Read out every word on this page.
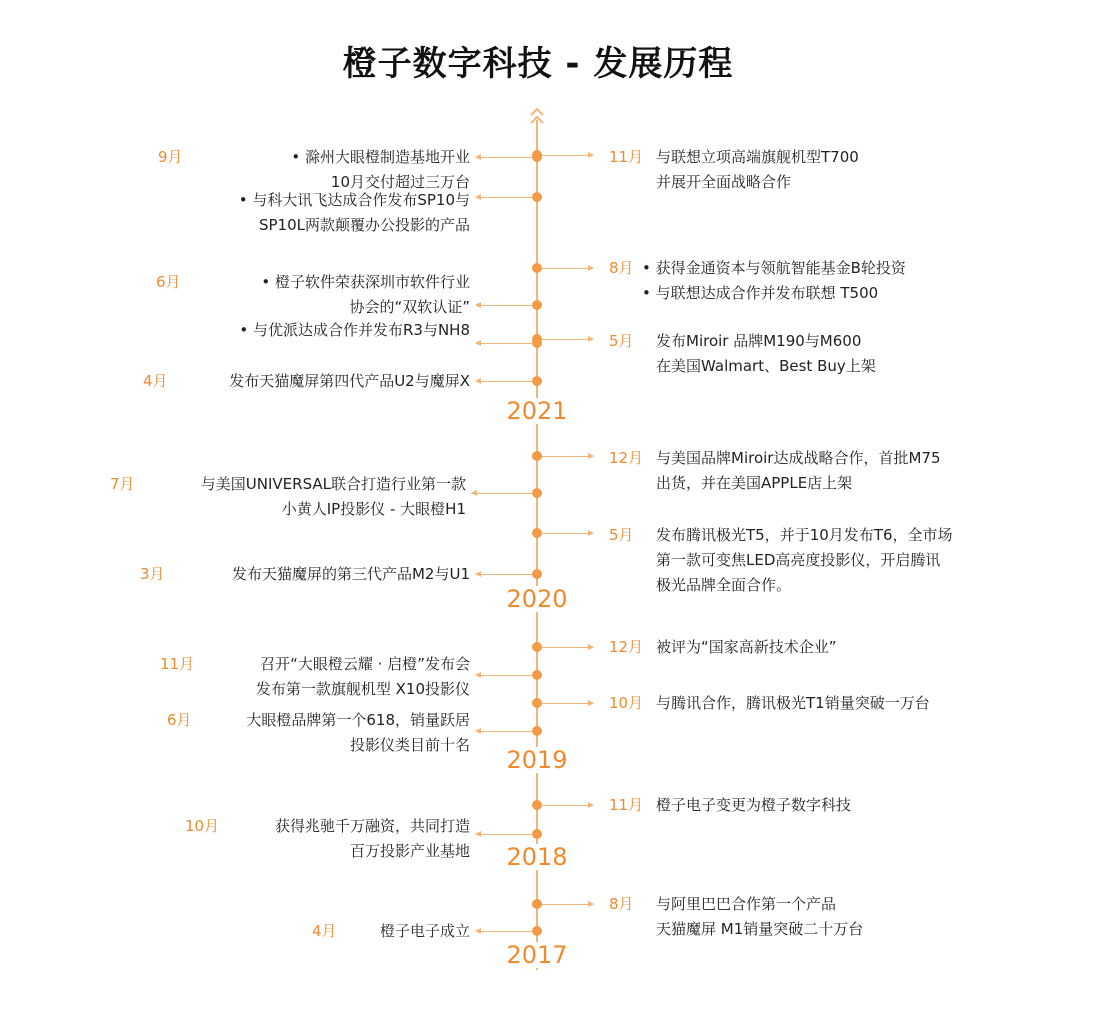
橙子数字科技 - 发展历程
2021
2020
2019
2018
2017
• 滁州大眼橙制造基地开业
10月交付超过三万台
9月
• 与科大讯飞达成合作发布SP10与
SP10L两款颠覆办公投影的产品
• 橙子软件荣获深圳市软件行业
协会的“双软认证”
6月
• 与优派达成合作并发布R3与NH8
发布天猫魔屏第四代产品U2与魔屏X
4月
与美国UNIVERSAL联合打造行业第一款
小黄人IP投影仪 - 大眼橙H1
7月
发布天猫魔屏的第三代产品M2与U1
3月
召开“大眼橙云耀 · 启橙”发布会
发布第一款旗舰机型 X10投影仪
11月
大眼橙品牌第一个618，销量跃居
投影仪类目前十名
6月
获得兆驰千万融资，共同打造
百万投影产业基地
10月
橙子电子成立
4月
11月 与联想立项高端旗舰机型T700
并展开全面战略合作
8月 • 获得金通资本与领航智能基金B轮投资
• 与联想达成合作并发布联想 T500
5月 发布Miroir 品牌M190与M600
在美国Walmart、Best Buy上架
12月 与美国品牌Miroir达成战略合作，首批M75
出货，并在美国APPLE店上架
5月 发布腾讯极光T5，并于10月发布T6，全市场
第一款可变焦LED高亮度投影仪，开启腾讯
极光品牌全面合作。
12月 被评为“国家高新技术企业”
10月 与腾讯合作，腾讯极光T1销量突破一万台
11月 橙子电子变更为橙子数字科技
8月 与阿里巴巴合作第一个产品
天猫魔屏 M1销量突破二十万台
